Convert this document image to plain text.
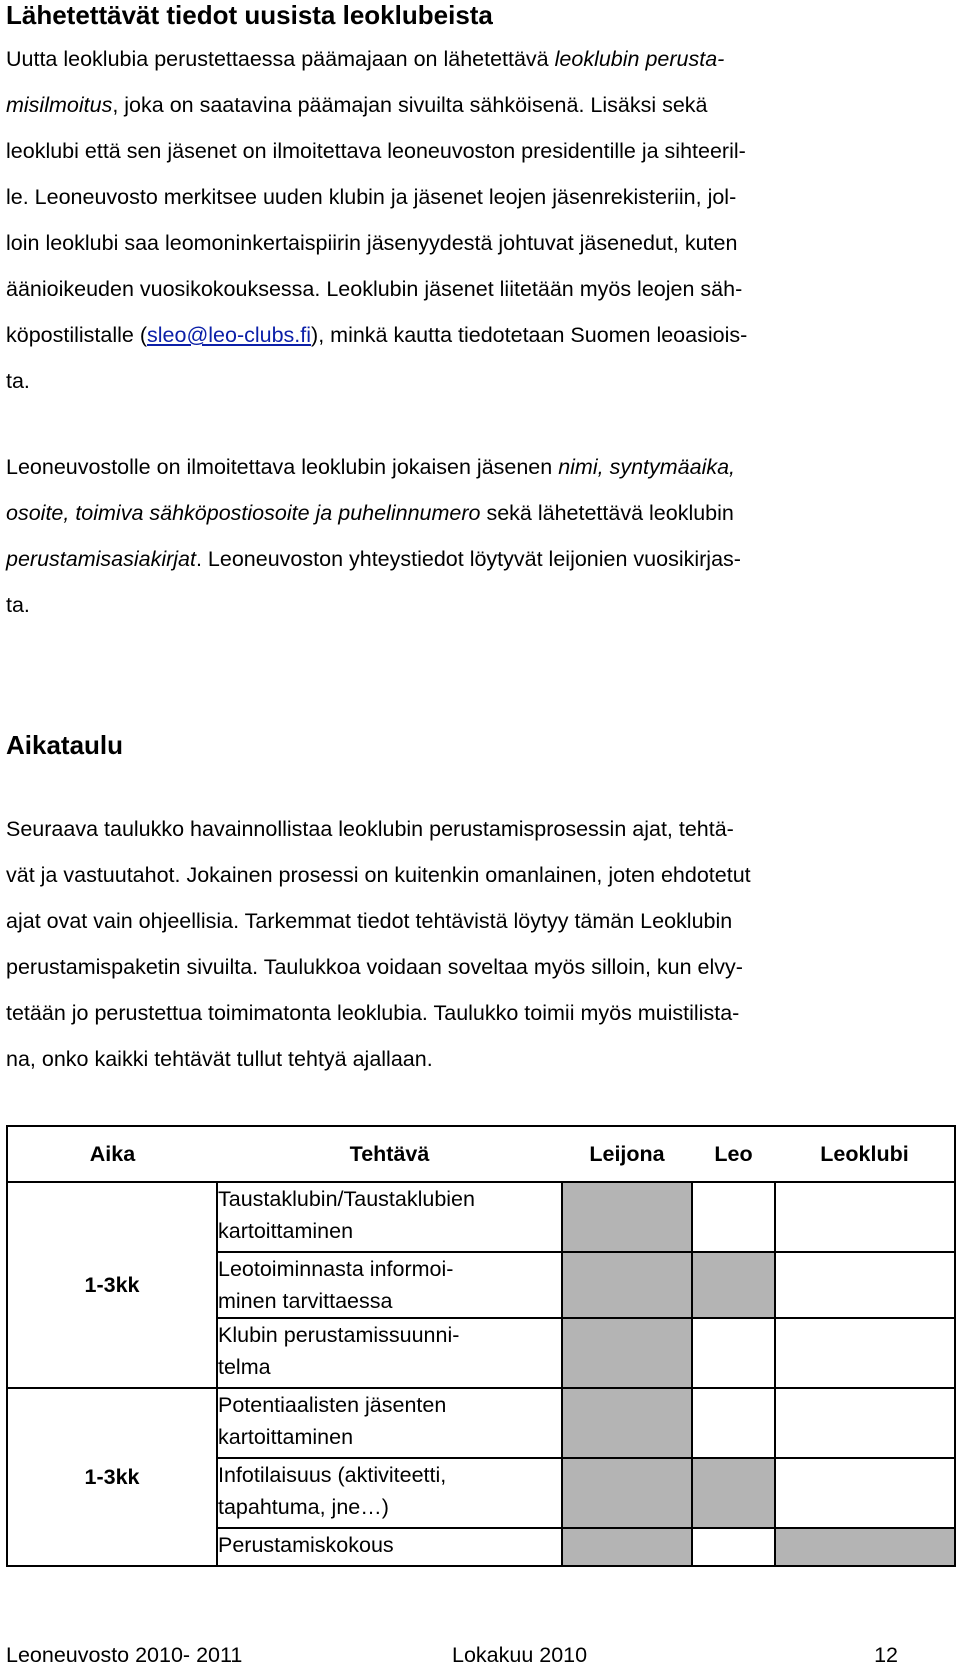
Lähetettävät tiedot uusista leoklubeista
Uutta leoklubia perustettaessa päämajaan on lähetettävä leoklubin perusta-
misilmoitus, joka on saatavina päämajan sivuilta sähköisenä. Lisäksi sekä
leoklubi että sen jäsenet on ilmoitettava leoneuvoston presidentille ja sihteeril-
le. Leoneuvosto merkitsee uuden klubin ja jäsenet leojen jäsenrekisteriin, jol-
loin leoklubi saa leomoninkertaispiirin jäsenyydestä johtuvat jäsenedut, kuten
äänioikeuden vuosikokouksessa. Leoklubin jäsenet liitetään myös leojen säh-
köpostilistalle (sleo@leo-clubs.fi), minkä kautta tiedotetaan Suomen leoasiois-
ta.
Leoneuvostolle on ilmoitettava leoklubin jokaisen jäsenen nimi, syntymäaika,
osoite, toimiva sähköpostiosoite ja puhelinnumero sekä lähetettävä leoklubin
perustamisasiakirjat. Leoneuvoston yhteystiedot löytyvät leijonien vuosikirjas-
ta.
Aikataulu
Seuraava taulukko havainnollistaa leoklubin perustamisprosessin ajat, tehtä-
vät ja vastuutahot. Jokainen prosessi on kuitenkin omanlainen, joten ehdotetut
ajat ovat vain ohjeellisia. Tarkemmat tiedot tehtävistä löytyy tämän Leoklubin
perustamispaketin sivuilta. Taulukkoa voidaan soveltaa myös silloin, kun elvy-
tetään jo perustettua toimimatonta leoklubia. Taulukko toimii myös muistilista-
na, onko kaikki tehtävät tullut tehtyä ajallaan.
Aika	Tehtävä	Leijona	Leo	Leoklubi
1-3kk	Taustaklubin/Taustaklubien
kartoittaminen			

	Leotoiminnasta informoi-
minen tarvittaessa			

	Klubin perustamissuunni-
telma			

1-3kk	Potentiaalisten jäsenten
kartoittaminen			

	Infotilaisuus (aktiviteetti,
tapahtuma, jne…)			

	Perustamiskokous			

Leoneuvosto 2010- 2011	Lokakuu 2010	12
